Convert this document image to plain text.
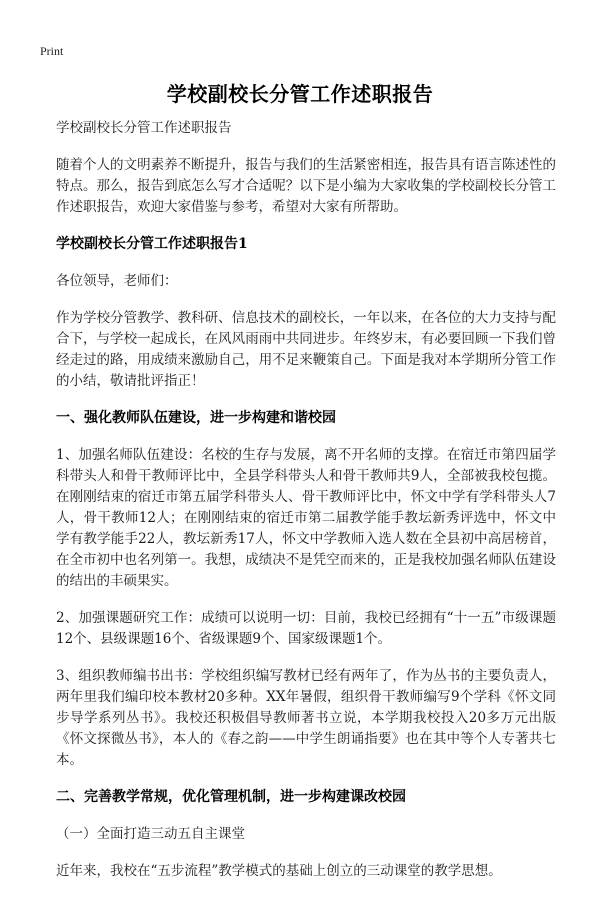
Print
学校副校长分管工作述职报告

学校副校长分管工作述职报告

随着个人的文明素养不断提升，报告与我们的生活紧密相连，报告具有语言陈述性的特点。那么，报告到底怎么写才合适呢？以下是小编为大家收集的学校副校长分管工作述职报告，欢迎大家借鉴与参考，希望对大家有所帮助。

学校副校长分管工作述职报告1

各位领导，老师们：

作为学校分管教学、教科研、信息技术的副校长，一年以来，在各位的大力支持与配合下，与学校一起成长，在风风雨雨中共同进步。年终岁末，有必要回顾一下我们曾经走过的路，用成绩来激励自己，用不足来鞭策自己。下面是我对本学期所分管工作的小结，敬请批评指正！

一、强化教师队伍建设，进一步构建和谐校园

1、加强名师队伍建设：名校的生存与发展，离不开名师的支撑。在宿迁市第四届学科带头人和骨干教师评比中，全县学科带头人和骨干教师共9人，全部被我校包揽。在刚刚结束的宿迁市第五届学科带头人、骨干教师评比中，怀文中学有学科带头人7人，骨干教师12人；在刚刚结束的宿迁市第二届教学能手教坛新秀评选中，怀文中学有教学能手22人，教坛新秀17人，怀文中学教师入选人数在全县初中高居榜首，在全市初中也名列第一。我想，成绩决不是凭空而来的，正是我校加强名师队伍建设的结出的丰硕果实。

2、加强课题研究工作：成绩可以说明一切：目前，我校已经拥有“十一五”市级课题12个、县级课题16个、省级课题9个、国家级课题1个。

3、组织教师编书出书：学校组织编写教材已经有两年了，作为丛书的主要负责人，两年里我们编印校本教材20多种。XX年暑假，组织骨干教师编写9个学科《怀文同步导学系列丛书》。我校还积极倡导教师著书立说，本学期我校投入20多万元出版《怀文探微丛书》，本人的《春之韵——中学生朗诵指要》也在其中等个人专著共七本。

二、完善教学常规，优化管理机制，进一步构建课改校园

（一）全面打造三动五自主课堂

近年来，我校在“五步流程”教学模式的基础上创立的三动课堂的教学思想。
